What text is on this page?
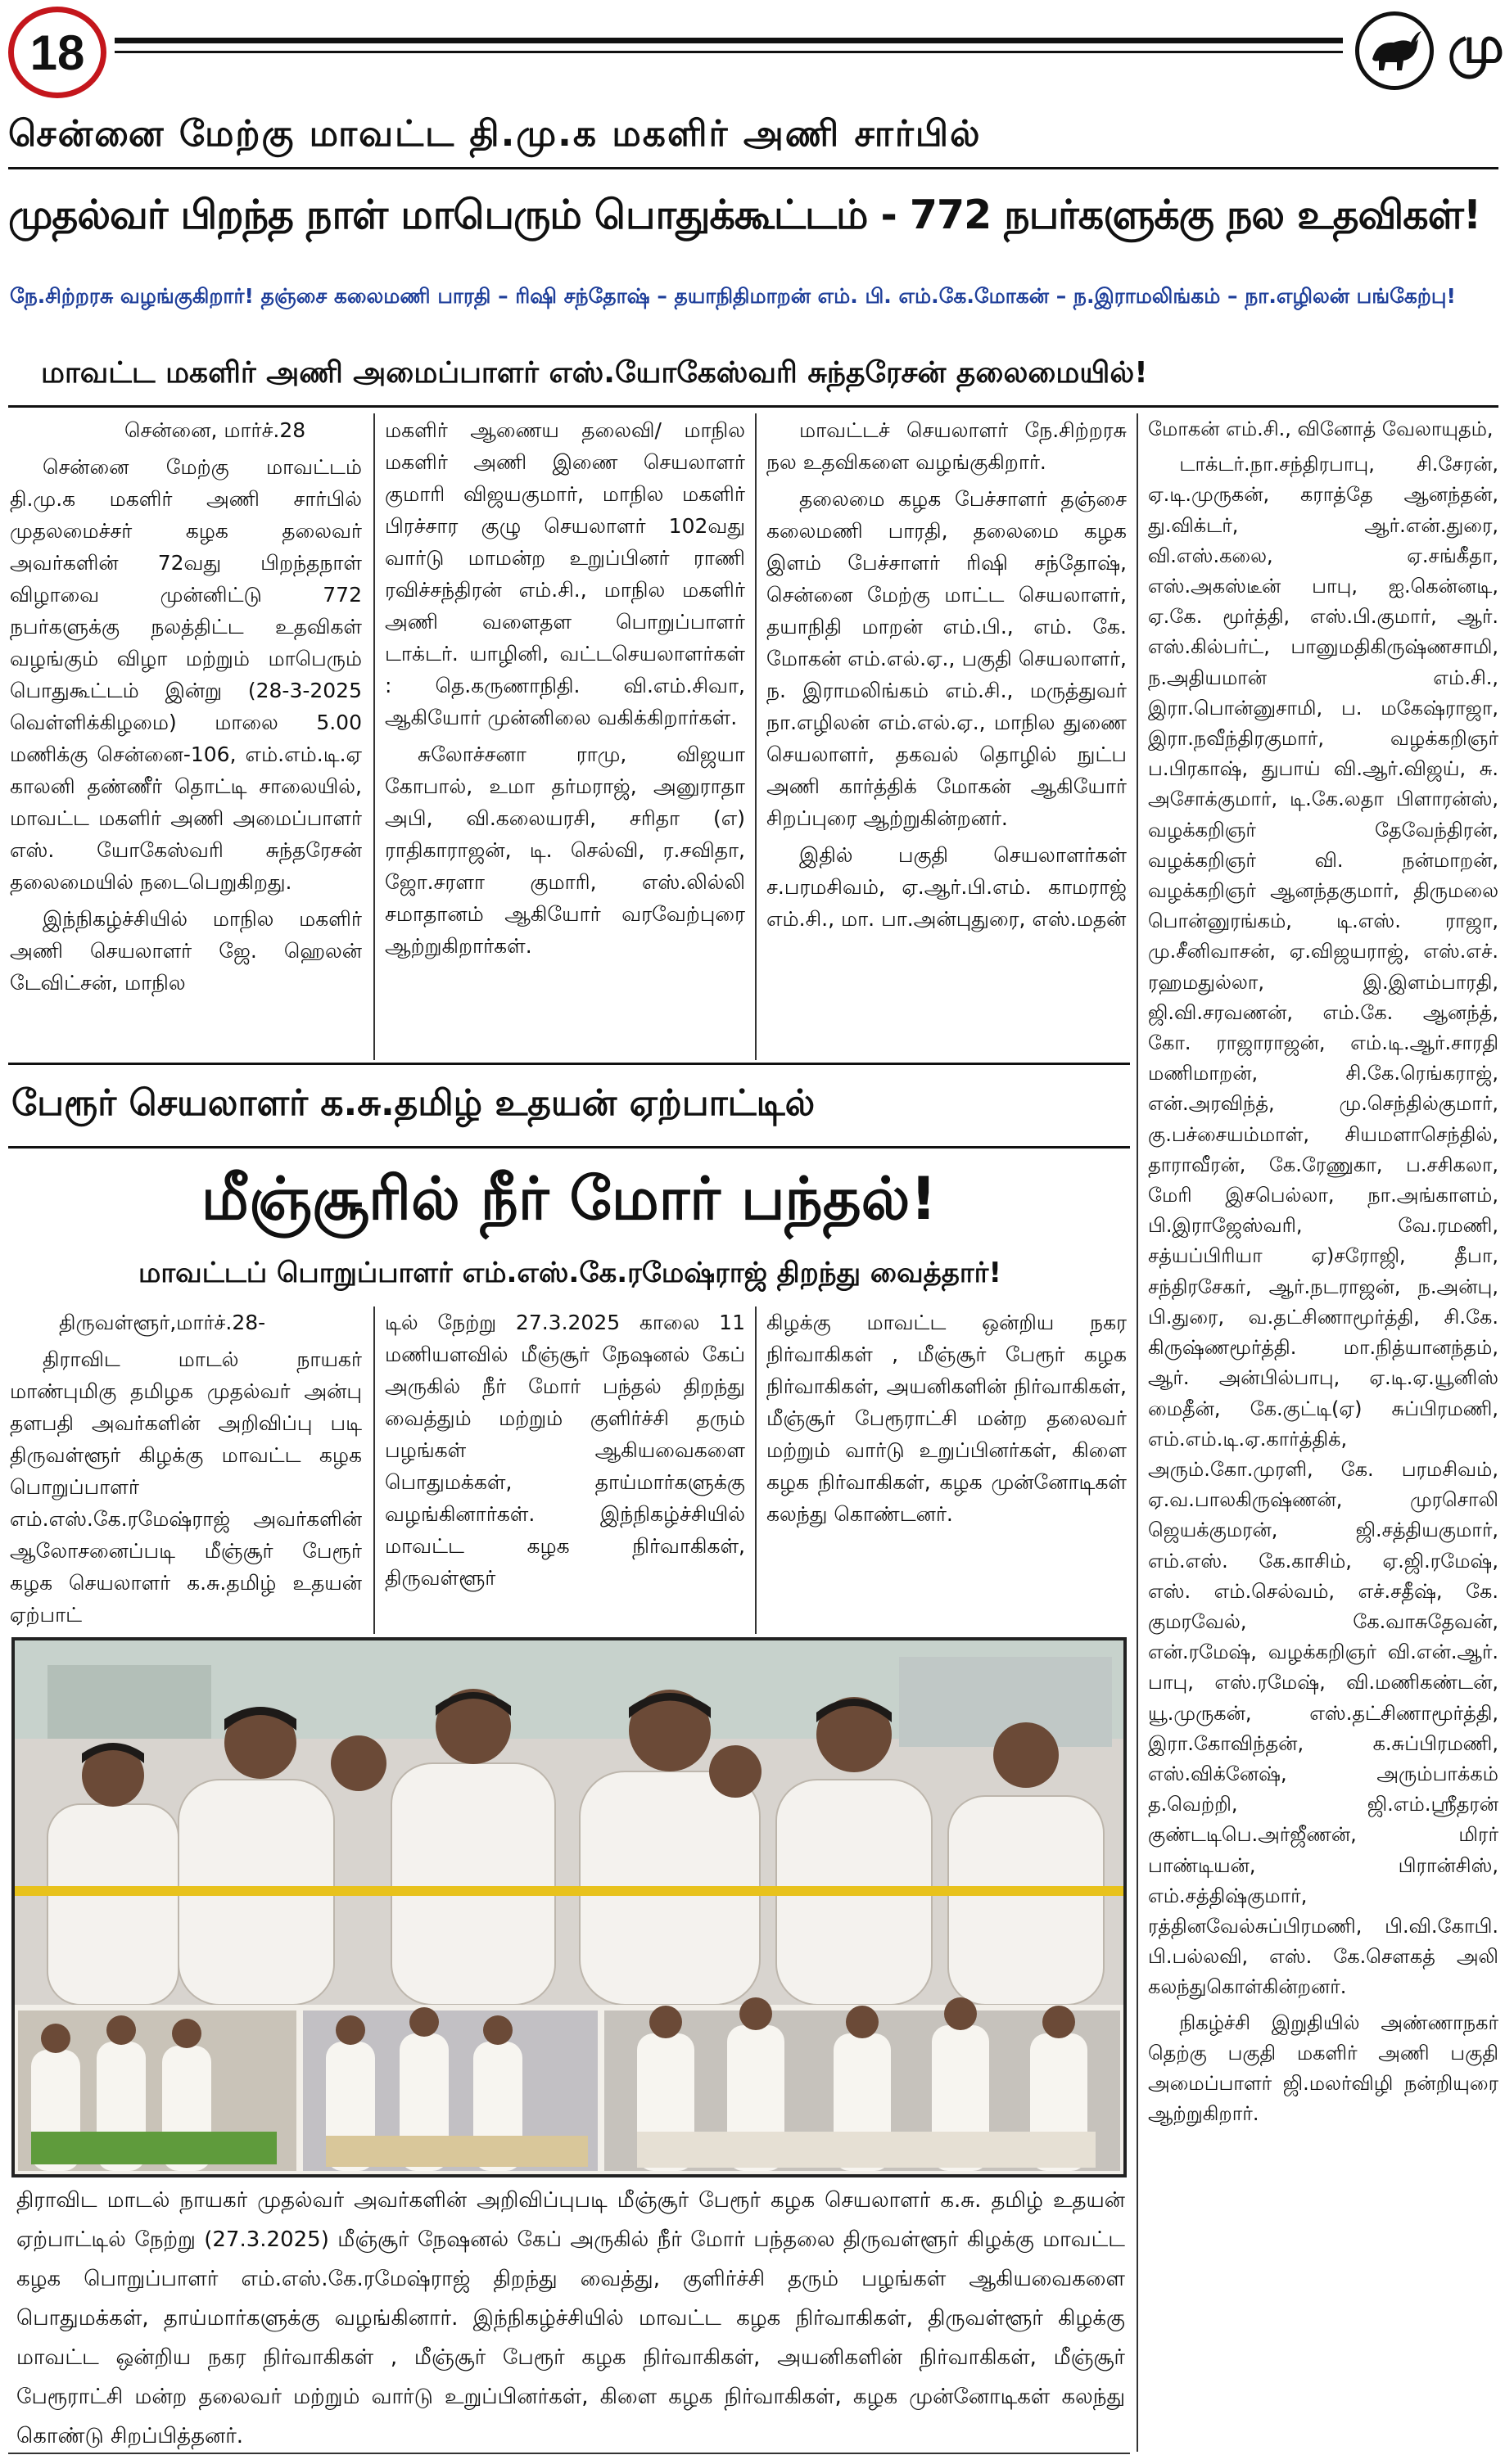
18	மு
சென்னை மேற்கு மாவட்ட தி.மு.க மகளிர் அணி சார்பில்
முதல்வர் பிறந்த நாள் மாபெரும் பொதுக்கூட்டம் - 772 நபர்களுக்கு நல உதவிகள்!
நே.சிற்றரசு வழங்குகிறார்! தஞ்சை கலைமணி பாரதி – ரிஷி சந்தோஷ் – தயாநிதிமாறன் எம். பி. எம்.கே.மோகன் – ந.இராமலிங்கம் – நா.எழிலன் பங்கேற்பு!
மாவட்ட மகளிர் அணி அமைப்பாளர் எஸ்.யோகேஸ்வரி சுந்தரேசன் தலைமையில்!

சென்னை, மார்ச்.28

சென்னை மேற்கு மாவட்டம் தி.மு.க மகளிர் அணி சார்பில் முதலமைச்சர் கழக தலைவர் அவர்களின் 72வது பிறந்தநாள் விழாவை முன்னிட்டு 772 நபர்களுக்கு நலத்திட்ட உதவிகள் வழங்கும் விழா மற்றும் மாபெரும் பொதுகூட்டம் இன்று (28-3-2025 வெள்ளிக்கிழமை) மாலை 5.00 மணிக்கு சென்னை-106, எம்.எம்.டி.ஏ காலனி தண்ணீர் தொட்டி சாலையில், மாவட்ட மகளிர் அணி அமைப்பாளர் எஸ். யோகேஸ்வரி சுந்தரேசன் தலைமையில் நடைபெறுகிறது.

இந்நிகழ்ச்சியில் மாநில மகளிர் அணி செயலாளர் ஜே. ஹெலன் டேவிட்சன், மாநில

மகளிர் ஆணைய தலைவி/ மாநில மகளிர் அணி இணை செயலாளர் குமாரி விஜயகுமார், மாநில மகளிர் பிரச்சார குழு செயலாளர் 102வது வார்டு மாமன்ற உறுப்பினர் ராணி ரவிச்சந்திரன் எம்.சி., மாநில மகளிர் அணி வளைதள பொறுப்பாளர் டாக்டர். யாழினி, வட்டசெயலாளர்கள் : தெ.கருணாநிதி. வி.எம்.சிவா, ஆகியோர் முன்னிலை வகிக்கிறார்கள்.

சுலோச்சனா ராமு, விஜயா கோபால், உமா தர்மராஜ், அனுராதா அபி, வி.கலையரசி, சரிதா (எ) ராதிகாராஜன், டி. செல்வி, ர.சவிதா, ஜோ.சரளா குமாரி, எஸ்.லில்லி சமாதானம் ஆகியோர் வரவேற்புரை ஆற்றுகிறார்கள்.

மாவட்டச் செயலாளர் நே.சிற்றரசு நல உதவிகளை வழங்குகிறார்.

தலைமை கழக பேச்சாளர் தஞ்சை கலைமணி பாரதி, தலைமை கழக இளம் பேச்சாளர் ரிஷி சந்தோஷ், சென்னை மேற்கு மாட்ட செயலாளர், தயாநிதி மாறன் எம்.பி., எம். கே. மோகன் எம்.எல்.ஏ., பகுதி செயலாளர், ந. இராமலிங்கம் எம்.சி., மருத்துவர் நா.எழிலன் எம்.எல்.ஏ., மாநில துணை செயலாளர், தகவல் தொழில் நுட்ப அணி கார்த்திக் மோகன் ஆகியோர் சிறப்புரை ஆற்றுகின்றனர்.

இதில் பகுதி செயலாளர்கள் ச.பரமசிவம், ஏ.ஆர்.பி.எம். காமராஜ் எம்.சி., மா. பா.அன்புதுரை, எஸ்.மதன்

மோகன் எம்.சி., வினோத் வேலாயுதம்,

டாக்டர்.நா.சந்திரபாபு, சி.சேரன், ஏ.டி.முருகன், கராத்தே ஆனந்தன், து.விக்டர், ஆர்.என்.துரை, வி.எஸ்.கலை, ஏ.சங்கீதா, எஸ்.அகஸ்டீன் பாபு, ஐ.கென்னடி, ஏ.கே. மூர்த்தி, எஸ்.பி.குமார், ஆர். எஸ்.கில்பர்ட், பானுமதிகிருஷ்ணசாமி, ந.அதியமான் எம்.சி., இரா.பொன்னுசாமி, ப. மகேஷ்ராஜா, இரா.நவீந்திரகுமார், வழக்கறிஞர் ப.பிரகாஷ், துபாய் வி.ஆர்.விஜய், சு. அசோக்குமார், டி.கே.லதா பிளாரன்ஸ், வழக்கறிஞர் தேவேந்திரன், வழக்கறிஞர் வி. நன்மாறன், வழக்கறிஞர் ஆனந்தகுமார், திருமலை பொன்னுரங்கம், டி.எஸ். ராஜா, மு.சீனிவாசன், ஏ.விஜயராஜ், எஸ்.எச். ரஹமதுல்லா, இ.இளம்பாரதி, ஜி.வி.சரவணன், எம்.கே. ஆனந்த், கோ. ராஜாராஜன், எம்.டி.ஆர்.சாரதி மணிமாறன், சி.கே.ரெங்கராஜ், என்.அரவிந்த், மு.செந்தில்குமார், கு.பச்சையம்மாள், சியமளாசெந்தில், தாராவீரன், கே.ரேணுகா, ப.சசிகலா, மேரி இசபெல்லா, நா.அங்காளம், பி.இராஜேஸ்வரி, வே.ரமணி, சத்யப்பிரியா ஏ)சரோஜி, தீபா, சந்திரசேகர், ஆர்.நடராஜன், ந.அன்பு, பி.துரை, வ.தட்சிணாமூர்த்தி, சி.கே. கிருஷ்ணமூர்த்தி. மா.நித்யானந்தம், ஆர். அன்பில்பாபு, ஏ.டி.ஏ.யூனிஸ் மைதீன், கே.குட்டி(ஏ) சுப்பிரமணி, எம்.எம்.டி.ஏ.கார்த்திக், அரும்.கோ.முரளி, கே. பரமசிவம், ஏ.வ.பாலகிருஷ்ணன், முரசொலி ஜெயக்குமரன், ஜி.சத்தியகுமார், எம்.எஸ். கே.காசிம், ஏ.ஜி.ரமேஷ், எஸ். எம்.செல்வம், எச்.சதீஷ், கே. குமரவேல், கே.வாசுதேவன், என்.ரமேஷ், வழக்கறிஞர் வி.என்.ஆர். பாபு, எஸ்.ரமேஷ், வி.மணிகண்டன், யூ.முருகன், எஸ்.தட்சிணாமூர்த்தி, இரா.கோவிந்தன், க.சுப்பிரமணி, எஸ்.விக்னேஷ், அரும்பாக்கம் த.வெற்றி, ஜி.எம்.ஸ்ரீதரன் குண்டடிபெ.அர்ஜீணன், மிரர் பாண்டியன், பிரான்சிஸ், எம்.சத்திஷ்குமார், ரத்தினவேல்சுப்பிரமணி, பி.வி.கோபி. பி.பல்லவி, எஸ். கே.சௌகத் அலி கலந்துகொள்கின்றனர்.

நிகழ்ச்சி இறுதியில் அண்ணாநகர் தெற்கு பகுதி மகளிர் அணி பகுதி அமைப்பாளர் ஜி.மலர்விழி நன்றியுரை ஆற்றுகிறார்.

பேரூர் செயலாளர் க.சு.தமிழ் உதயன் ஏற்பாட்டில்
மீஞ்சூரில் நீர் மோர் பந்தல்!
மாவட்டப் பொறுப்பாளர் எம்.எஸ்.கே.ரமேஷ்ராஜ் திறந்து வைத்தார்!

திருவள்ளூர்,மார்ச்.28-

திராவிட மாடல் நாயகர் மாண்புமிகு தமிழக முதல்வர் அன்பு தளபதி அவர்களின் அறிவிப்பு படி திருவள்ளூர் கிழக்கு மாவட்ட கழக பொறுப்பாளர் எம்.எஸ்.கே.ரமேஷ்ராஜ் அவர்களின் ஆலோசனைப்படி மீஞ்சூர் பேரூர் கழக செயலாளர் க.சு.தமிழ் உதயன் ஏற்பாட்

டில் நேற்று 27.3.2025 காலை 11 மணியளவில் மீஞ்சூர் நேஷனல் கேப் அருகில் நீர் மோர் பந்தல் திறந்து வைத்தும் மற்றும் குளிர்ச்சி தரும் பழங்கள் ஆகியவைகளை பொதுமக்கள், தாய்மார்களுக்கு வழங்கினார்கள். இந்நிகழ்ச்சியில் மாவட்ட கழக நிர்வாகிகள், திருவள்ளூர்

கிழக்கு மாவட்ட ஒன்றிய நகர நிர்வாகிகள் , மீஞ்சூர் பேரூர் கழக நிர்வாகிகள், அயனிகளின் நிர்வாகிகள், மீஞ்சூர் பேரூராட்சி மன்ற தலைவர் மற்றும் வார்டு உறுப்பினர்கள், கிளை கழக நிர்வாகிகள், கழக முன்னோடிகள் கலந்து கொண்டனர்.

திராவிட மாடல் நாயகர் முதல்வர் அவர்களின் அறிவிப்புபடி மீஞ்சூர் பேரூர் கழக செயலாளர் க.சு. தமிழ் உதயன் ஏற்பாட்டில் நேற்று (27.3.2025) மீஞ்சூர் நேஷனல் கேப் அருகில் நீர் மோர் பந்தலை திருவள்ளூர் கிழக்கு மாவட்ட கழக பொறுப்பாளர் எம்.எஸ்.கே.ரமேஷ்ராஜ் திறந்து வைத்து, குளிர்ச்சி தரும் பழங்கள் ஆகியவைகளை பொதுமக்கள், தாய்மார்களுக்கு வழங்கினார். இந்நிகழ்ச்சியில் மாவட்ட கழக நிர்வாகிகள், திருவள்ளூர் கிழக்கு மாவட்ட ஒன்றிய நகர நிர்வாகிகள் , மீஞ்சூர் பேரூர் கழக நிர்வாகிகள், அயனிகளின் நிர்வாகிகள், மீஞ்சூர் பேரூராட்சி மன்ற தலைவர் மற்றும் வார்டு உறுப்பினர்கள், கிளை கழக நிர்வாகிகள், கழக முன்னோடிகள் கலந்து கொண்டு சிறப்பித்தனர்.
